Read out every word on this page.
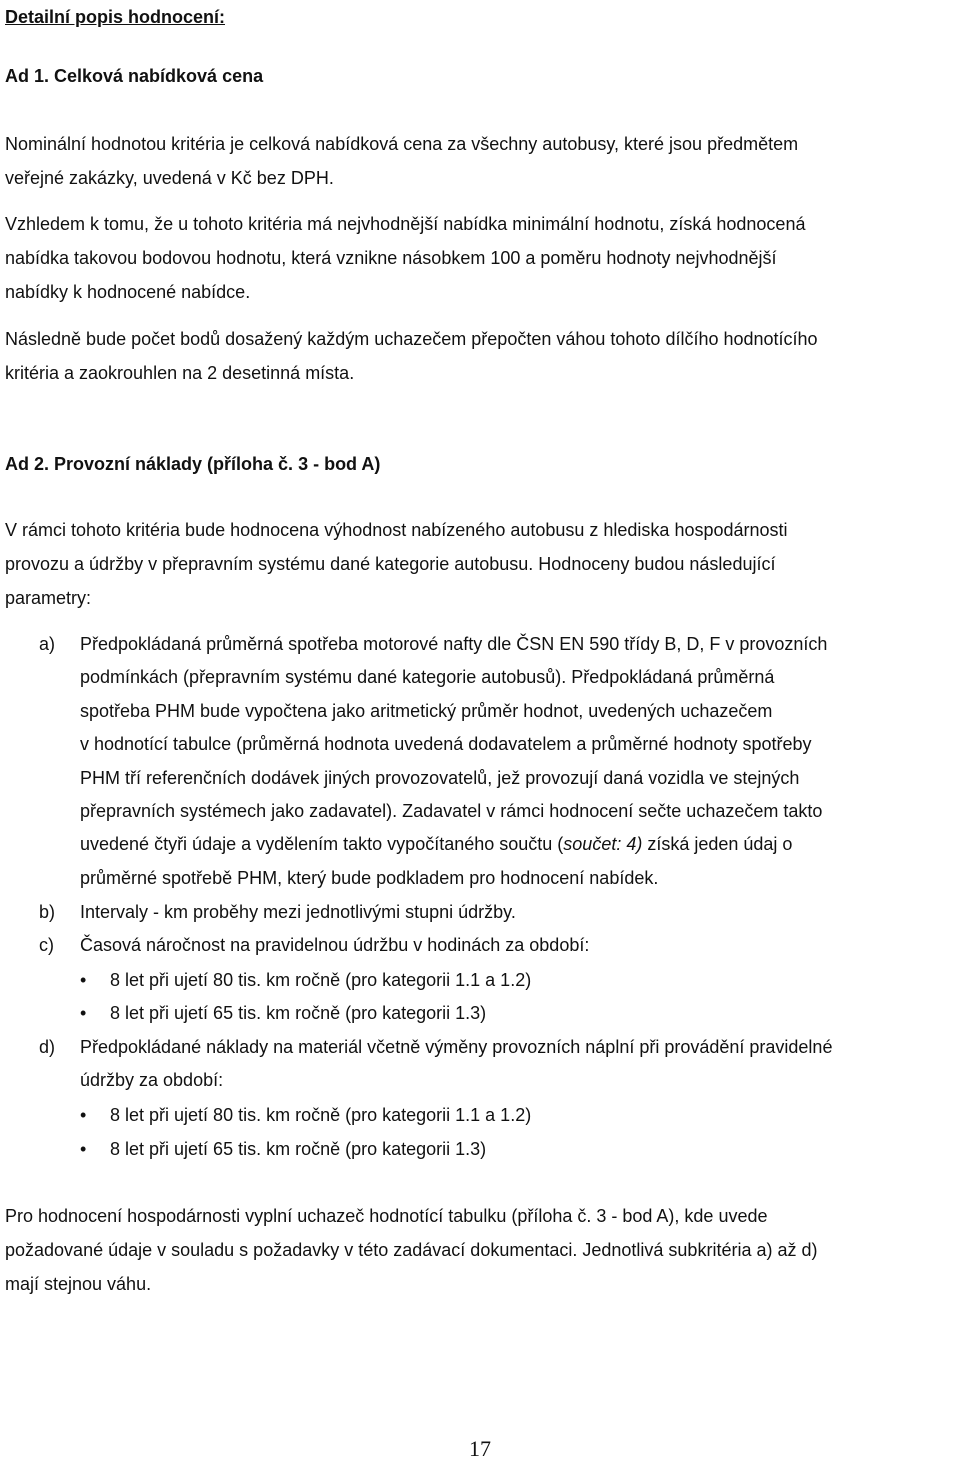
Detailní popis hodnocení:
Ad 1. Celková nabídková cena
Nominální hodnotou kritéria je celková nabídková cena za všechny autobusy, které jsou předmětem
veřejné zakázky, uvedená v Kč bez DPH.
Vzhledem k tomu, že u tohoto kritéria má nejvhodnější nabídka minimální hodnotu, získá hodnocená
nabídka takovou bodovou hodnotu, která vznikne násobkem 100 a poměru hodnoty nejvhodnější
nabídky k hodnocené nabídce.
Následně bude počet bodů dosažený každým uchazečem přepočten váhou tohoto dílčího hodnotícího
kritéria a zaokrouhlen na 2 desetinná místa.
Ad 2. Provozní náklady (příloha č. 3 - bod A)
V rámci tohoto kritéria bude hodnocena výhodnost nabízeného autobusu z hlediska hospodárnosti
provozu a údržby v přepravním systému dané kategorie autobusu. Hodnoceny budou následující
parametry:
a) Předpokládaná průměrná spotřeba motorové nafty dle ČSN EN 590 třídy B, D, F v provozních
podmínkách (přepravním systému dané kategorie autobusů). Předpokládaná průměrná
spotřeba PHM bude vypočtena jako aritmetický průměr hodnot, uvedených uchazečem
v hodnotící tabulce (průměrná hodnota uvedená dodavatelem a průměrné hodnoty spotřeby
PHM tří referenčních dodávek jiných provozovatelů, jež provozují daná vozidla ve stejných
přepravních systémech jako zadavatel). Zadavatel v rámci hodnocení sečte uchazečem takto
uvedené čtyři údaje a vydělením takto vypočítaného součtu (součet: 4) získá jeden údaj o
průměrné spotřebě PHM, který bude podkladem pro hodnocení nabídek.
b) Intervaly - km proběhy mezi jednotlivými stupni údržby.
c) Časová náročnost na pravidelnou údržbu v hodinách za období:
• 8 let při ujetí 80 tis. km ročně (pro kategorii 1.1 a 1.2)
• 8 let při ujetí 65 tis. km ročně (pro kategorii 1.3)
d) Předpokládané náklady na materiál včetně výměny provozních náplní při provádění pravidelné
údržby za období:
• 8 let při ujetí 80 tis. km ročně (pro kategorii 1.1 a 1.2)
• 8 let při ujetí 65 tis. km ročně (pro kategorii 1.3)
Pro hodnocení hospodárnosti vyplní uchazeč hodnotící tabulku (příloha č. 3 - bod A), kde uvede
požadované údaje v souladu s požadavky v této zadávací dokumentaci. Jednotlivá subkritéria a) až d)
mají stejnou váhu.
17
